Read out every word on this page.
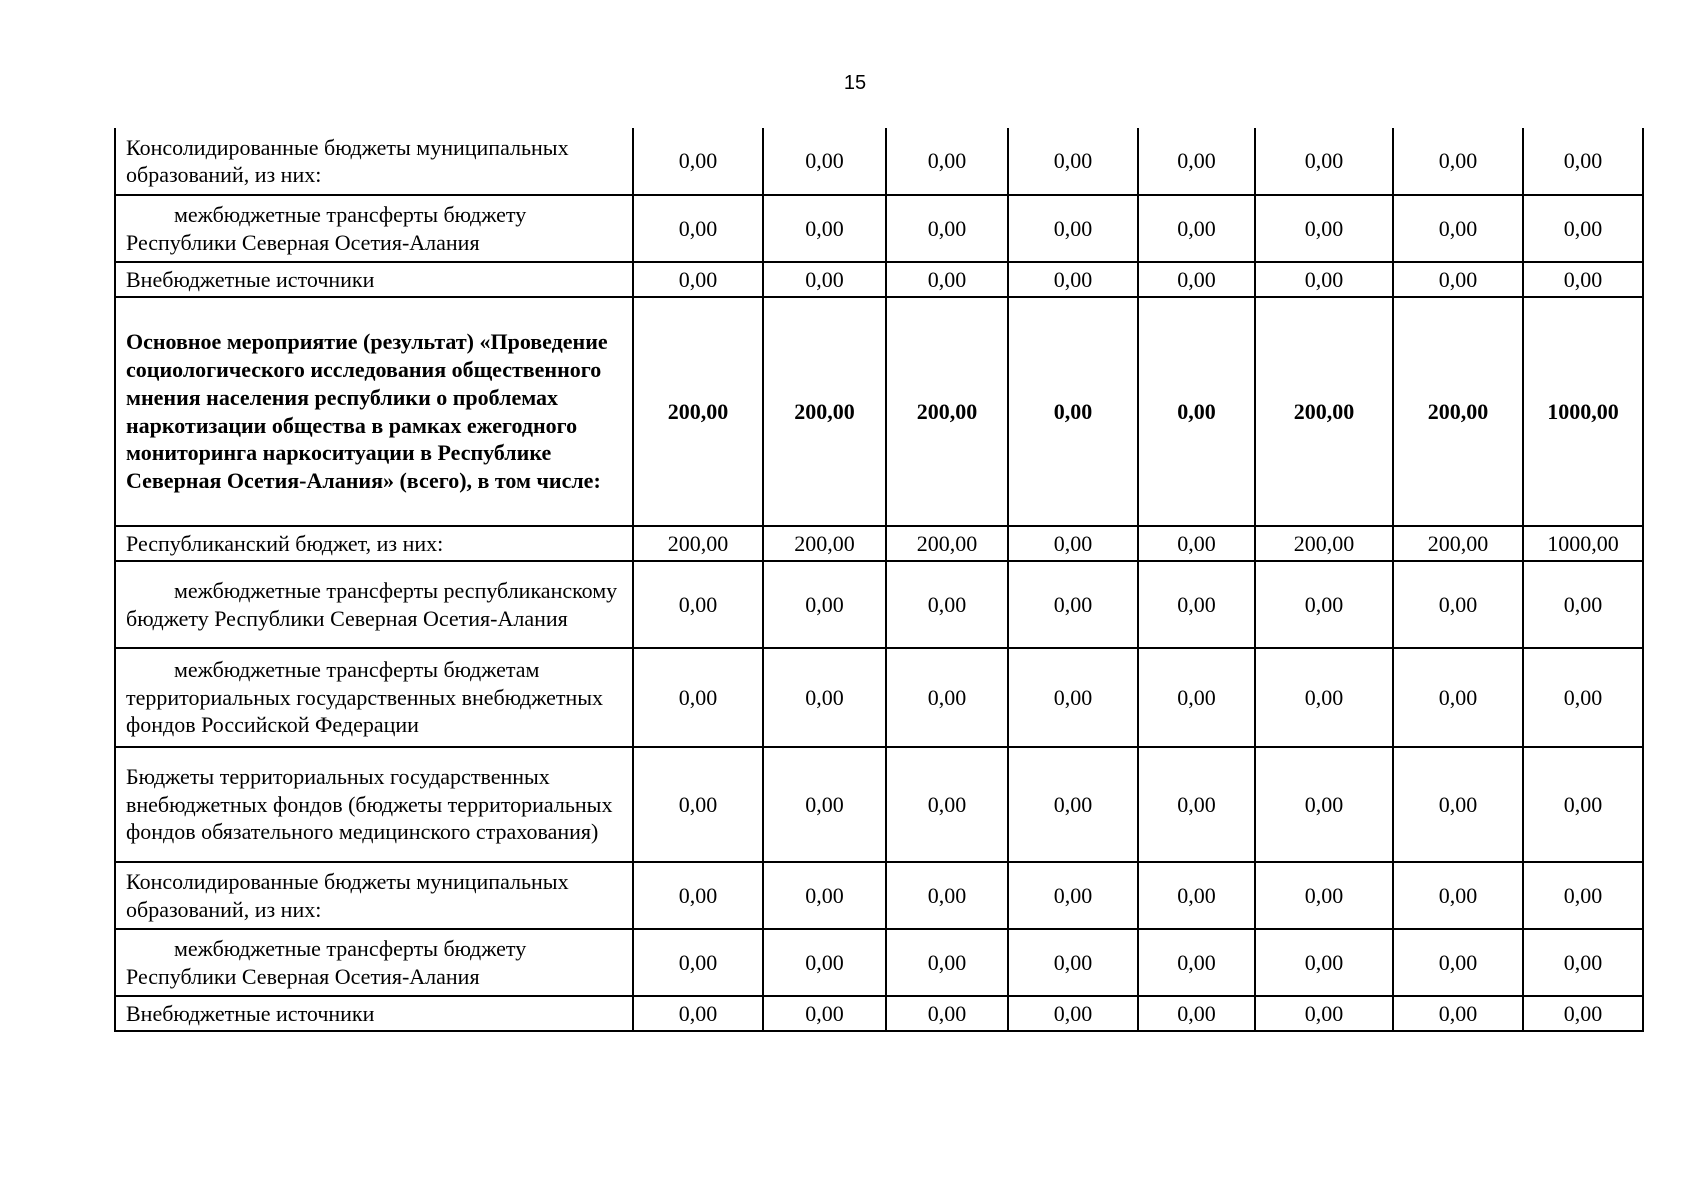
15
Консолидированные бюджеты муниципальных образований, из них:	0,00	0,00	0,00	0,00	0,00	0,00	0,00	0,00
межбюджетные трансферты бюджету Республики Северная Осетия-Алания	0,00	0,00	0,00	0,00	0,00	0,00	0,00	0,00
Внебюджетные источники	0,00	0,00	0,00	0,00	0,00	0,00	0,00	0,00
Основное мероприятие (результат) «Проведение социологического исследования общественного мнения населения республики о проблемах наркотизации общества в рамках ежегодного мониторинга наркоситуации в Республике Северная Осетия-Алания» (всего), в том числе:	200,00	200,00	200,00	0,00	0,00	200,00	200,00	1000,00
Республиканский бюджет, из них:	200,00	200,00	200,00	0,00	0,00	200,00	200,00	1000,00
межбюджетные трансферты республиканскому бюджету Республики Северная Осетия-Алания	0,00	0,00	0,00	0,00	0,00	0,00	0,00	0,00
межбюджетные трансферты бюджетам территориальных государственных внебюджетных фондов Российской Федерации	0,00	0,00	0,00	0,00	0,00	0,00	0,00	0,00
Бюджеты территориальных государственных внебюджетных фондов (бюджеты территориальных фондов обязательного медицинского страхования)	0,00	0,00	0,00	0,00	0,00	0,00	0,00	0,00
Консолидированные бюджеты муниципальных образований, из них:	0,00	0,00	0,00	0,00	0,00	0,00	0,00	0,00
межбюджетные трансферты бюджету Республики Северная Осетия-Алания	0,00	0,00	0,00	0,00	0,00	0,00	0,00	0,00
Внебюджетные источники	0,00	0,00	0,00	0,00	0,00	0,00	0,00	0,00
